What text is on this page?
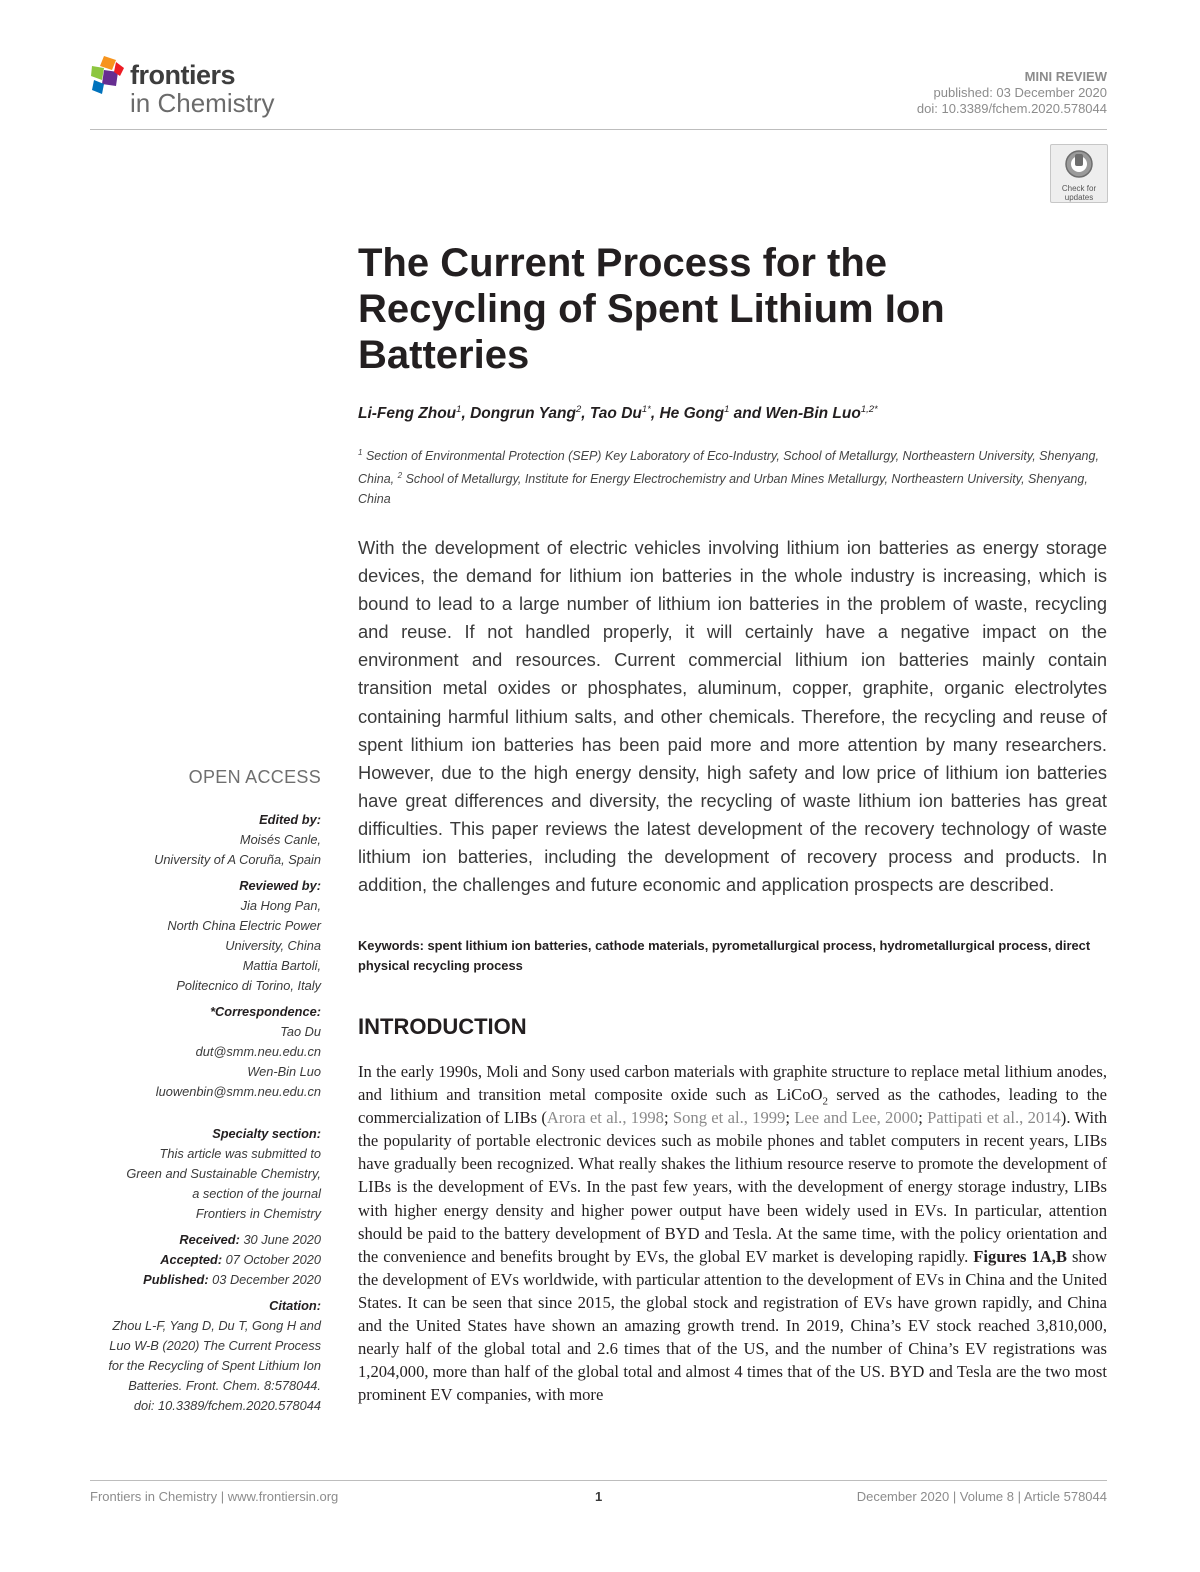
frontiers
in Chemistry
MINI REVIEW
published: 03 December 2020
doi: 10.3389/fchem.2020.578044
Check for
updates
The Current Process for the Recycling of Spent Lithium Ion Batteries
Li-Feng Zhou$^1$, Dongrun Yang$^2$, Tao $Du^{1*}$, He Gong$^1$ and Wen-Bin Luo$^{1,2*}$
$^1$ Section of Environmental Protection (SEP) Key Laboratory of Eco-Industry, School of Metallurgy, Northeastern University, Shenyang, China, $^2$ School of Metallurgy, Institute for Energy Electrochemistry and Urban Mines Metallurgy, Northeastern University, Shenyang, China

With the development of electric vehicles involving lithium ion batteries as energy storage devices, the demand for lithium ion batteries in the whole industry is increasing, which is bound to lead to a large number of lithium ion batteries in the problem of waste, recycling and reuse. If not handled properly, it will certainly have a negative impact on the environment and resources. Current commercial lithium ion batteries mainly contain transition metal oxides or phosphates, aluminum, copper, graphite, organic electrolytes containing harmful lithium salts, and other chemicals. Therefore, the recycling and reuse of spent lithium ion batteries has been paid more and more attention by many researchers. However, due to the high energy density, high safety and low price of lithium ion batteries have great differences and diversity, the recycling of waste lithium ion batteries has great difficulties. This paper reviews the latest development of the recovery technology of waste lithium ion batteries, including the development of recovery process and products. In addition, the challenges and future economic and application prospects are described.

Keywords: spent lithium ion batteries, cathode materials, pyrometallurgical process, hydrometallurgical process, direct physical recycling process
INTRODUCTION

In the early 1990s, Moli and Sony used carbon materials with graphite structure to replace metal lithium anodes, and lithium and transition metal composite oxide such as LiCoO$_2$ served as the cathodes, leading to the commercialization of LIBs (Arora et al., 1998; Song et al., 1999; Lee and Lee, 2000; Pattipati et al., 2014). With the popularity of portable electronic devices such as mobile phones and tablet computers in recent years, LIBs have gradually been recognized. What really shakes the lithium resource reserve to promote the development of LIBs is the development of EVs. In the past few years, with the development of energy storage industry, LIBs with higher energy density and higher power output have been widely used in EVs. In particular, attention should be paid to the battery development of BYD and Tesla. At the same time, with the policy orientation and the convenience and benefits brought by EVs, the global EV market is developing rapidly. Figures 1A,B show the development of EVs worldwide, with particular attention to the development of EVs in China and the United States. It can be seen that since 2015, the global stock and registration of EVs have grown rapidly, and China and the United States have shown an amazing growth trend. In 2019, China’s EV stock reached 3,810,000, nearly half of the global total and 2.6 times that of the US, and the number of China’s EV registrations was 1,204,000, more than half of the global total and almost 4 times that of the US. BYD and Tesla are the two most prominent EV companies, with more

OPEN ACCESS
Edited by:
Moisés Canle,
University of A Coruña, Spain
Reviewed by:
Jia Hong Pan,
North China Electric Power
University, China
Mattia Bartoli,
Politecnico di Torino, Italy
*Correspondence:
Tao Du
dut@smm.neu.edu.cn
Wen-Bin Luo
luowenbin@smm.neu.edu.cn
Specialty section:
This article was submitted to
Green and Sustainable Chemistry,
a section of the journal
Frontiers in Chemistry
Received: 30 June 2020
Accepted: 07 October 2020
Published: 03 December 2020
Citation:
Zhou L-F, Yang D, Du T, Gong H and
Luo W-B (2020) The Current Process
for the Recycling of Spent Lithium Ion
Batteries. Front. Chem. 8:578044.
doi: 10.3389/fchem.2020.578044
Frontiers in Chemistry | www.frontiersin.org	1	December 2020 | Volume 8 | Article 578044
